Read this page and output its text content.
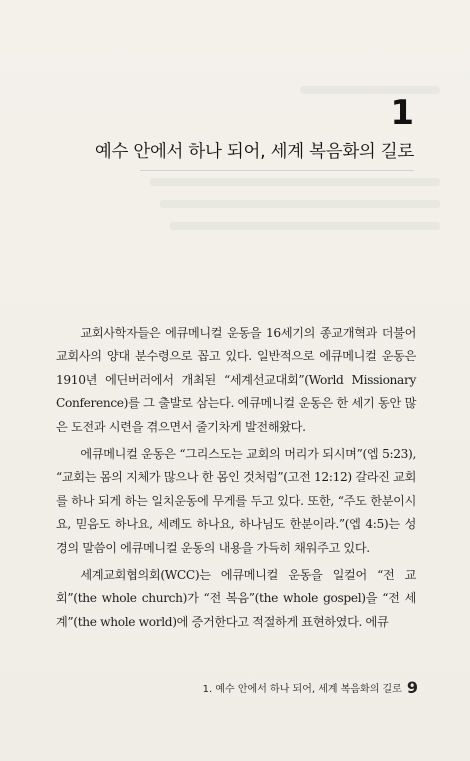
1
예수 안에서 하나 되어, 세계 복음화의 길로

교회사학자들은 에큐메니컬 운동을 16세기의 종교개혁과 더불어 교회사의 양대 분수령으로 꼽고 있다. 일반적으로 에큐메니컬 운동은 1910년 에딘버러에서 개최된 “세계선교대회”(World Missionary Conference)를 그 출발로 삼는다. 에큐메니컬 운동은 한 세기 동안 많은 도전과 시련을 겪으면서 줄기차게 발전해왔다.

에큐메니컬 운동은 “그리스도는 교회의 머리가 되시며”(엡 5:23), “교회는 몸의 지체가 많으나 한 몸인 것처럼”(고전 12:12) 갈라진 교회를 하나 되게 하는 일치운동에 무게를 두고 있다. 또한, “주도 한분이시요, 믿음도 하나요, 세례도 하나요, 하나님도 한분이라.”(엡 4:5)는 성경의 말씀이 에큐메니컬 운동의 내용을 가득히 채워주고 있다.

세계교회협의회(WCC)는 에큐메니컬 운동을 일컬어 “전 교회”(the whole church)가 “전 복음”(the whole gospel)을 “전 세계”(the whole world)에 증거한다고 적절하게 표현하였다. 에큐

1. 예수 안에서 하나 되어, 세계 복음화의 길로 9
